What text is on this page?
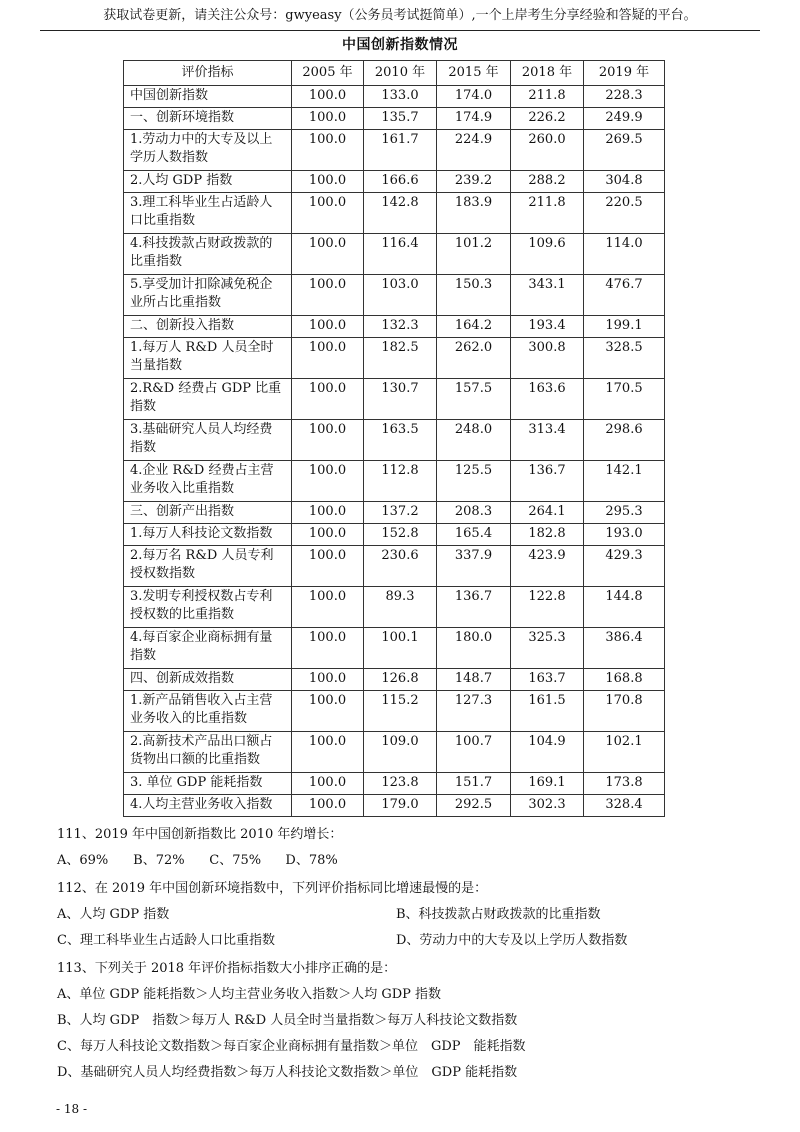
获取试卷更新，请关注公众号：gwyeasy（公务员考试挺简单）,一个上岸考生分享经验和答疑的平台。
中国创新指数情况
评价指标	2005 年	2010 年	2015 年	2018 年	2019 年
中国创新指数	100.0	133.0	174.0	211.8	228.3
一、创新环境指数	100.0	135.7	174.9	226.2	249.9
1.劳动力中的大专及以上学历人数指数	100.0	161.7	224.9	260.0	269.5
2.人均 GDP 指数	100.0	166.6	239.2	288.2	304.8
3.理工科毕业生占适龄人口比重指数	100.0	142.8	183.9	211.8	220.5
4.科技拨款占财政拨款的比重指数	100.0	116.4	101.2	109.6	114.0
5.享受加计扣除减免税企业所占比重指数	100.0	103.0	150.3	343.1	476.7
二、创新投入指数	100.0	132.3	164.2	193.4	199.1
1.每万人 R&D 人员全时当量指数	100.0	182.5	262.0	300.8	328.5
2.R&D 经费占 GDP 比重指数	100.0	130.7	157.5	163.6	170.5
3.基础研究人员人均经费指数	100.0	163.5	248.0	313.4	298.6
4.企业 R&D 经费占主营业务收入比重指数	100.0	112.8	125.5	136.7	142.1
三、创新产出指数	100.0	137.2	208.3	264.1	295.3
1.每万人科技论文数指数	100.0	152.8	165.4	182.8	193.0
2.每万名 R&D 人员专利授权数指数	100.0	230.6	337.9	423.9	429.3
3.发明专利授权数占专利授权数的比重指数	100.0	89.3	136.7	122.8	144.8
4.每百家企业商标拥有量指数	100.0	100.1	180.0	325.3	386.4
四、创新成效指数	100.0	126.8	148.7	163.7	168.8
1.新产品销售收入占主营业务收入的比重指数	100.0	115.2	127.3	161.5	170.8
2.高新技术产品出口额占货物出口额的比重指数	100.0	109.0	100.7	104.9	102.1
3. 单位 GDP 能耗指数	100.0	123.8	151.7	169.1	173.8
4.人均主营业务收入指数	100.0	179.0	292.5	302.3	328.4
111、2019 年中国创新指数比 2010 年约增长：
A、69% B、72% C、75% D、78%
112、在 2019 年中国创新环境指数中，下列评价指标同比增速最慢的是：
A、人均 GDP 指数	B、科技拨款占财政拨款的比重指数
C、理工科毕业生占适龄人口比重指数	D、劳动力中的大专及以上学历人数指数
113、下列关于 2018 年评价指标指数大小排序正确的是：
A、单位 GDP 能耗指数＞人均主营业务收入指数＞人均 GDP 指数
B、人均 GDP　指数＞每万人 R&D 人员全时当量指数＞每万人科技论文数指数
C、每万人科技论文数指数＞每百家企业商标拥有量指数＞单位　GDP　能耗指数
D、基础研究人员人均经费指数＞每万人科技论文数指数＞单位　GDP 能耗指数
- 18 -
